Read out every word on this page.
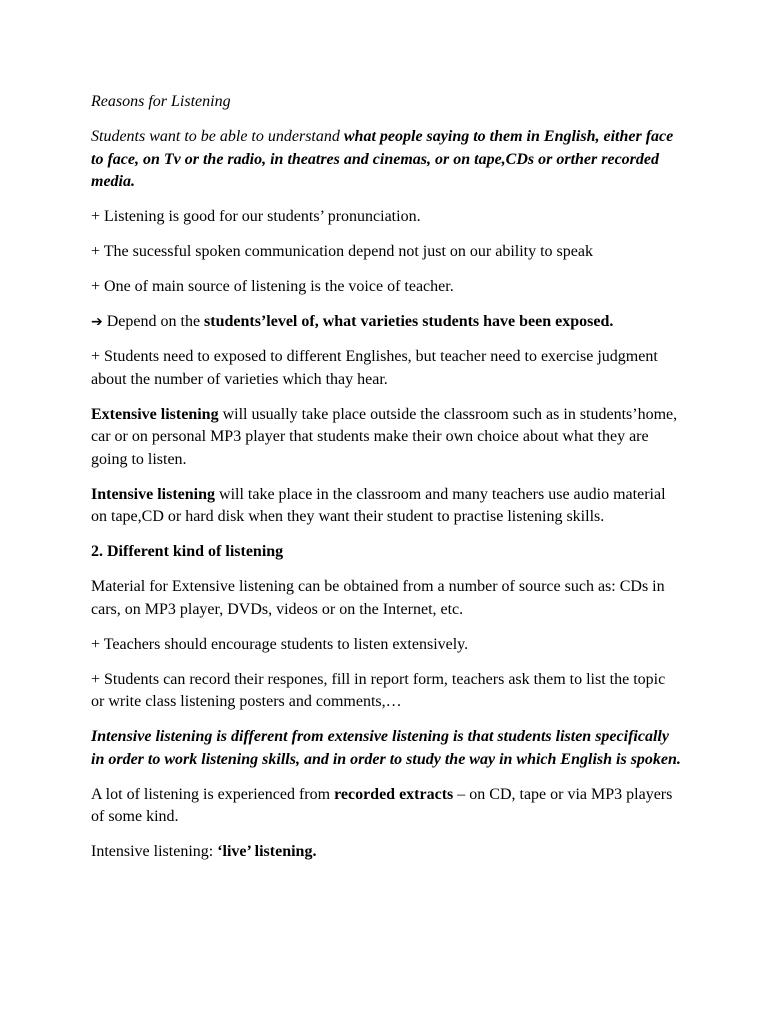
Reasons for Listening

Students want to be able to understand what people saying to them in English, either face to face, on Tv or the radio, in theatres and cinemas, or on tape,CDs or orther recorded media.

+ Listening is good for our students’ pronunciation.

+ The sucessful spoken communication depend not just on our ability to speak

+ One of main source of listening is the voice of teacher.

➔ Depend on the students’level of, what varieties students have been exposed.

+ Students need to exposed to different Englishes, but teacher need to exercise judgment about the number of varieties which thay hear.

Extensive listening will usually take place outside the classroom such as in students’home, car or on personal MP3 player that students make their own choice about what they are going to listen.

Intensive listening will take place in the classroom and many teachers use audio material on tape,CD or hard disk when they want their student to practise listening skills.

2. Different kind of listening

Material for Extensive listening can be obtained from a number of source such as: CDs in cars, on MP3 player, DVDs, videos or on the Internet, etc.

+ Teachers should encourage students to listen extensively.

+ Students can record their respones, fill in report form, teachers ask them to list the topic or write class listening posters and comments,…

Intensive listening is different from extensive listening is that students listen specifically in order to work listening skills, and in order to study the way in which English is spoken.

A lot of listening is experienced from recorded extracts – on CD, tape or via MP3 players of some kind.

Intensive listening: ‘live’ listening.
